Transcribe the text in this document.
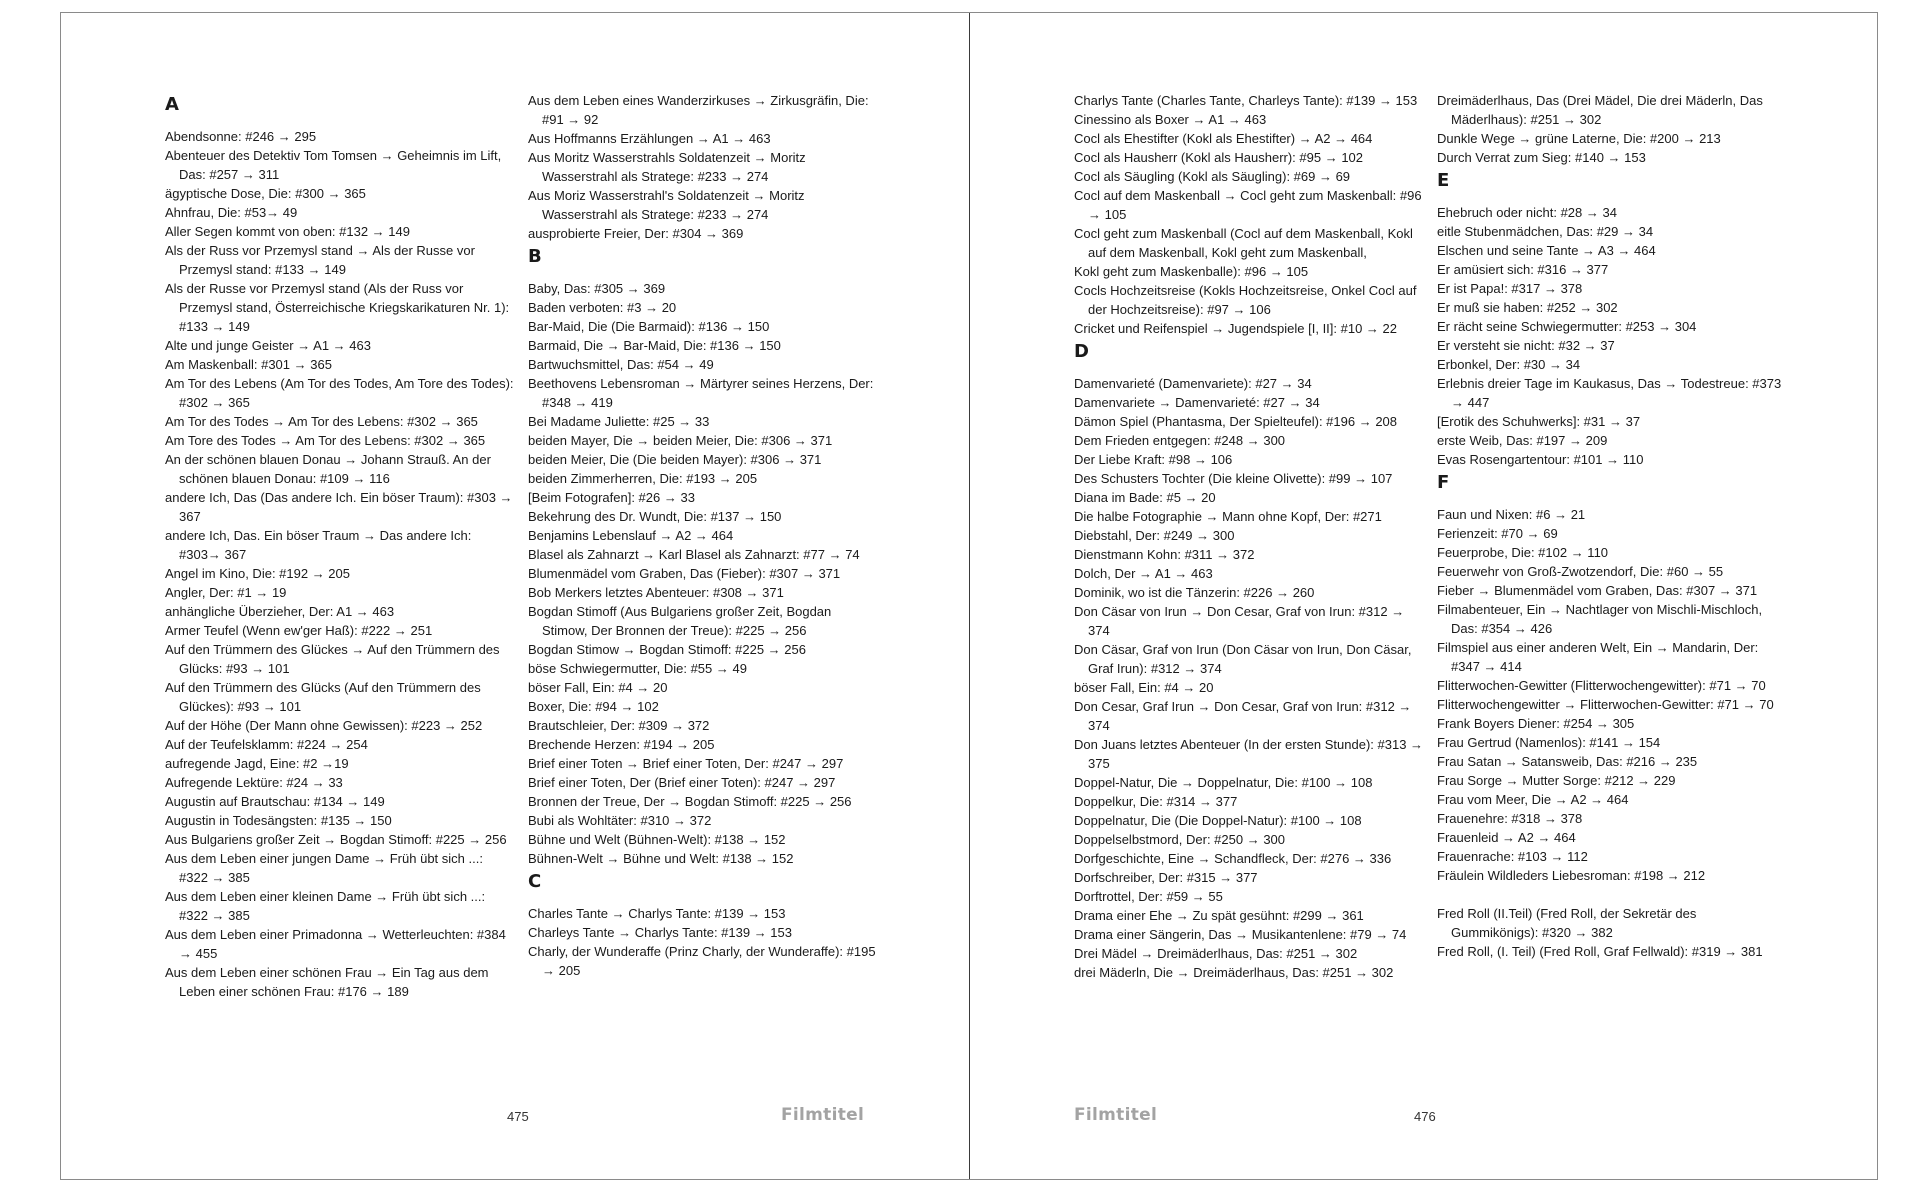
A
Abendsonne: #246 → 295
Abenteuer des Detektiv Tom Tomsen → Geheimnis im Lift, Das: #257 → 311
ägyptische Dose, Die: #300 → 365
Ahnfrau, Die: #53→ 49
Aller Segen kommt von oben: #132 → 149
Als der Russ vor Przemysl stand → Als der Russe vor Przemysl stand: #133 → 149
Als der Russe vor Przemysl stand (Als der Russ vor Przemysl stand, Österreichische Kriegskarikaturen Nr. 1): #133 → 149
Alte und junge Geister → A1 → 463
Am Maskenball: #301 → 365
Am Tor des Lebens (Am Tor des Todes, Am Tore des Todes): #302 → 365
Am Tor des Todes → Am Tor des Lebens: #302 → 365
Am Tore des Todes → Am Tor des Lebens: #302 → 365
An der schönen blauen Donau → Johann Strauß. An der schönen blauen Donau: #109 → 116
andere Ich, Das (Das andere Ich. Ein böser Traum): #303 → 367
andere Ich, Das. Ein böser Traum → Das andere Ich: #303→ 367
Angel im Kino, Die: #192 → 205
Angler, Der: #1 → 19
anhängliche Überzieher, Der: A1 → 463
Armer Teufel (Wenn ew'ger Haß): #222 → 251
Auf den Trümmern des Glückes → Auf den Trümmern des Glücks: #93 → 101
Auf den Trümmern des Glücks (Auf den Trümmern des Glückes): #93 → 101
Auf der Höhe (Der Mann ohne Gewissen): #223 → 252
Auf der Teufelsklamm: #224 → 254
aufregende Jagd, Eine: #2 →19
Aufregende Lektüre: #24 → 33
Augustin auf Brautschau: #134 → 149
Augustin in Todesängsten: #135 → 150
Aus Bulgariens großer Zeit → Bogdan Stimoff: #225 → 256
Aus dem Leben einer jungen Dame → Früh übt sich ...: #322 → 385
Aus dem Leben einer kleinen Dame → Früh übt sich ...: #322 → 385
Aus dem Leben einer Primadonna → Wetterleuchten: #384 → 455
Aus dem Leben einer schönen Frau → Ein Tag aus dem Leben einer schönen Frau: #176 → 189
Aus dem Leben eines Wanderzirkuses → Zirkusgräfin, Die: #91 → 92
Aus Hoffmanns Erzählungen → A1 → 463
Aus Moritz Wasserstrahls Soldatenzeit → Moritz Wasserstrahl als Stratege: #233 → 274
Aus Moriz Wasserstrahl's Soldatenzeit → Moritz Wasserstrahl als Stratege: #233 → 274
ausprobierte Freier, Der: #304 → 369
B
Baby, Das: #305 → 369
Baden verboten: #3 → 20
Bar-Maid, Die (Die Barmaid): #136 → 150
Barmaid, Die → Bar-Maid, Die: #136 → 150
Bartwuchsmittel, Das: #54 → 49
Beethovens Lebensroman → Märtyrer seines Herzens, Der: #348 → 419
Bei Madame Juliette: #25 → 33
beiden Mayer, Die → beiden Meier, Die: #306 → 371
beiden Meier, Die (Die beiden Mayer): #306 → 371
beiden Zimmerherren, Die: #193 → 205
[Beim Fotografen]: #26 → 33
Bekehrung des Dr. Wundt, Die: #137 → 150
Benjamins Lebenslauf → A2 → 464
Blasel als Zahnarzt → Karl Blasel als Zahnarzt: #77 → 74
Blumenmädel vom Graben, Das (Fieber): #307 → 371
Bob Merkers letztes Abenteuer: #308 → 371
Bogdan Stimoff (Aus Bulgariens großer Zeit, Bogdan Stimow, Der Bronnen der Treue): #225 → 256
Bogdan Stimow → Bogdan Stimoff: #225 → 256
böse Schwiegermutter, Die: #55 → 49
böser Fall, Ein: #4 → 20
Boxer, Die: #94 → 102
Brautschleier, Der: #309 → 372
Brechende Herzen: #194 → 205
Brief einer Toten → Brief einer Toten, Der: #247 → 297
Brief einer Toten, Der (Brief einer Toten): #247 → 297
Bronnen der Treue, Der → Bogdan Stimoff: #225 → 256
Bubi als Wohltäter: #310 → 372
Bühne und Welt (Bühnen-Welt): #138 → 152
Bühnen-Welt → Bühne und Welt: #138 → 152
C
Charles Tante → Charlys Tante: #139 → 153
Charleys Tante → Charlys Tante: #139 → 153
Charly, der Wunderaffe (Prinz Charly, der Wunderaffe): #195 → 205
475	Filmtitel
Charlys Tante (Charles Tante, Charleys Tante): #139 → 153
Cinessino als Boxer → A1 → 463
Cocl als Ehestifter (Kokl als Ehestifter) → A2 → 464
Cocl als Hausherr (Kokl als Hausherr): #95 → 102
Cocl als Säugling (Kokl als Säugling): #69 → 69
Cocl auf dem Maskenball → Cocl geht zum Maskenball: #96 → 105
Cocl geht zum Maskenball (Cocl auf dem Maskenball, Kokl auf dem Maskenball, Kokl geht zum Maskenball,
Kokl geht zum Maskenballe): #96 → 105
Cocls Hochzeitsreise (Kokls Hochzeitsreise, Onkel Cocl auf der Hochzeitsreise): #97 → 106
Cricket und Reifenspiel → Jugendspiele [I, II]: #10 → 22
D
Damenvarieté (Damenvariete): #27 → 34
Damenvariete → Damenvarieté: #27 → 34
Dämon Spiel (Phantasma, Der Spielteufel): #196 → 208
Dem Frieden entgegen: #248 → 300
Der Liebe Kraft: #98 → 106
Des Schusters Tochter (Die kleine Olivette): #99 → 107
Diana im Bade: #5 → 20
Die halbe Fotographie → Mann ohne Kopf, Der: #271
Diebstahl, Der: #249 → 300
Dienstmann Kohn: #311 → 372
Dolch, Der → A1 → 463
Dominik, wo ist die Tänzerin: #226 → 260
Don Cäsar von Irun → Don Cesar, Graf von Irun: #312 → 374
Don Cäsar, Graf von Irun (Don Cäsar von Irun, Don Cäsar, Graf Irun): #312 → 374
böser Fall, Ein: #4 → 20
Don Cesar, Graf Irun → Don Cesar, Graf von Irun: #312 → 374
Don Juans letztes Abenteuer (In der ersten Stunde): #313 → 375
Doppel-Natur, Die → Doppelnatur, Die: #100 → 108
Doppelkur, Die: #314 → 377
Doppelnatur, Die (Die Doppel-Natur): #100 → 108
Doppelselbstmord, Der: #250 → 300
Dorfgeschichte, Eine → Schandfleck, Der: #276 → 336
Dorfschreiber, Der: #315 → 377
Dorftrottel, Der: #59 → 55
Drama einer Ehe → Zu spät gesühnt: #299 → 361
Drama einer Sängerin, Das → Musikantenlene: #79 → 74
Drei Mädel → Dreimäderlhaus, Das: #251 → 302
drei Mäderln, Die → Dreimäderlhaus, Das: #251 → 302
Dreimäderlhaus, Das (Drei Mädel, Die drei Mäderln, Das Mäderlhaus): #251 → 302
Dunkle Wege → grüne Laterne, Die: #200 → 213
Durch Verrat zum Sieg: #140 → 153
E
Ehebruch oder nicht: #28 → 34
eitle Stubenmädchen, Das: #29 → 34
Elschen und seine Tante → A3 → 464
Er amüsiert sich: #316 → 377
Er ist Papa!: #317 → 378
Er muß sie haben: #252 → 302
Er rächt seine Schwiegermutter: #253 → 304
Er versteht sie nicht: #32 → 37
Erbonkel, Der: #30 → 34
Erlebnis dreier Tage im Kaukasus, Das → Todestreue: #373 → 447
[Erotik des Schuhwerks]: #31 → 37
erste Weib, Das: #197 → 209
Evas Rosengartentour: #101 → 110
F
Faun und Nixen: #6 → 21
Ferienzeit: #70 → 69
Feuerprobe, Die: #102 → 110
Feuerwehr von Groß-Zwotzendorf, Die: #60 → 55
Fieber → Blumenmädel vom Graben, Das: #307 → 371
Filmabenteuer, Ein → Nachtlager von Mischli-Mischloch, Das: #354 → 426
Filmspiel aus einer anderen Welt, Ein → Mandarin, Der: #347 → 414
Flitterwochen-Gewitter (Flitterwochengewitter): #71 → 70
Flitterwochengewitter → Flitterwochen-Gewitter: #71 → 70
Frank Boyers Diener: #254 → 305
Frau Gertrud (Namenlos): #141 → 154
Frau Satan → Satansweib, Das: #216 → 235
Frau Sorge → Mutter Sorge: #212 → 229
Frau vom Meer, Die → A2 → 464
Frauenehre: #318 → 378
Frauenleid → A2 → 464
Frauenrache: #103 → 112
Fräulein Wildleders Liebesroman: #198 → 212
Fred Roll (II.Teil) (Fred Roll, der Sekretär des Gummikönigs): #320 → 382
Fred Roll, (I. Teil) (Fred Roll, Graf Fellwald): #319 → 381
Filmtitel	476
